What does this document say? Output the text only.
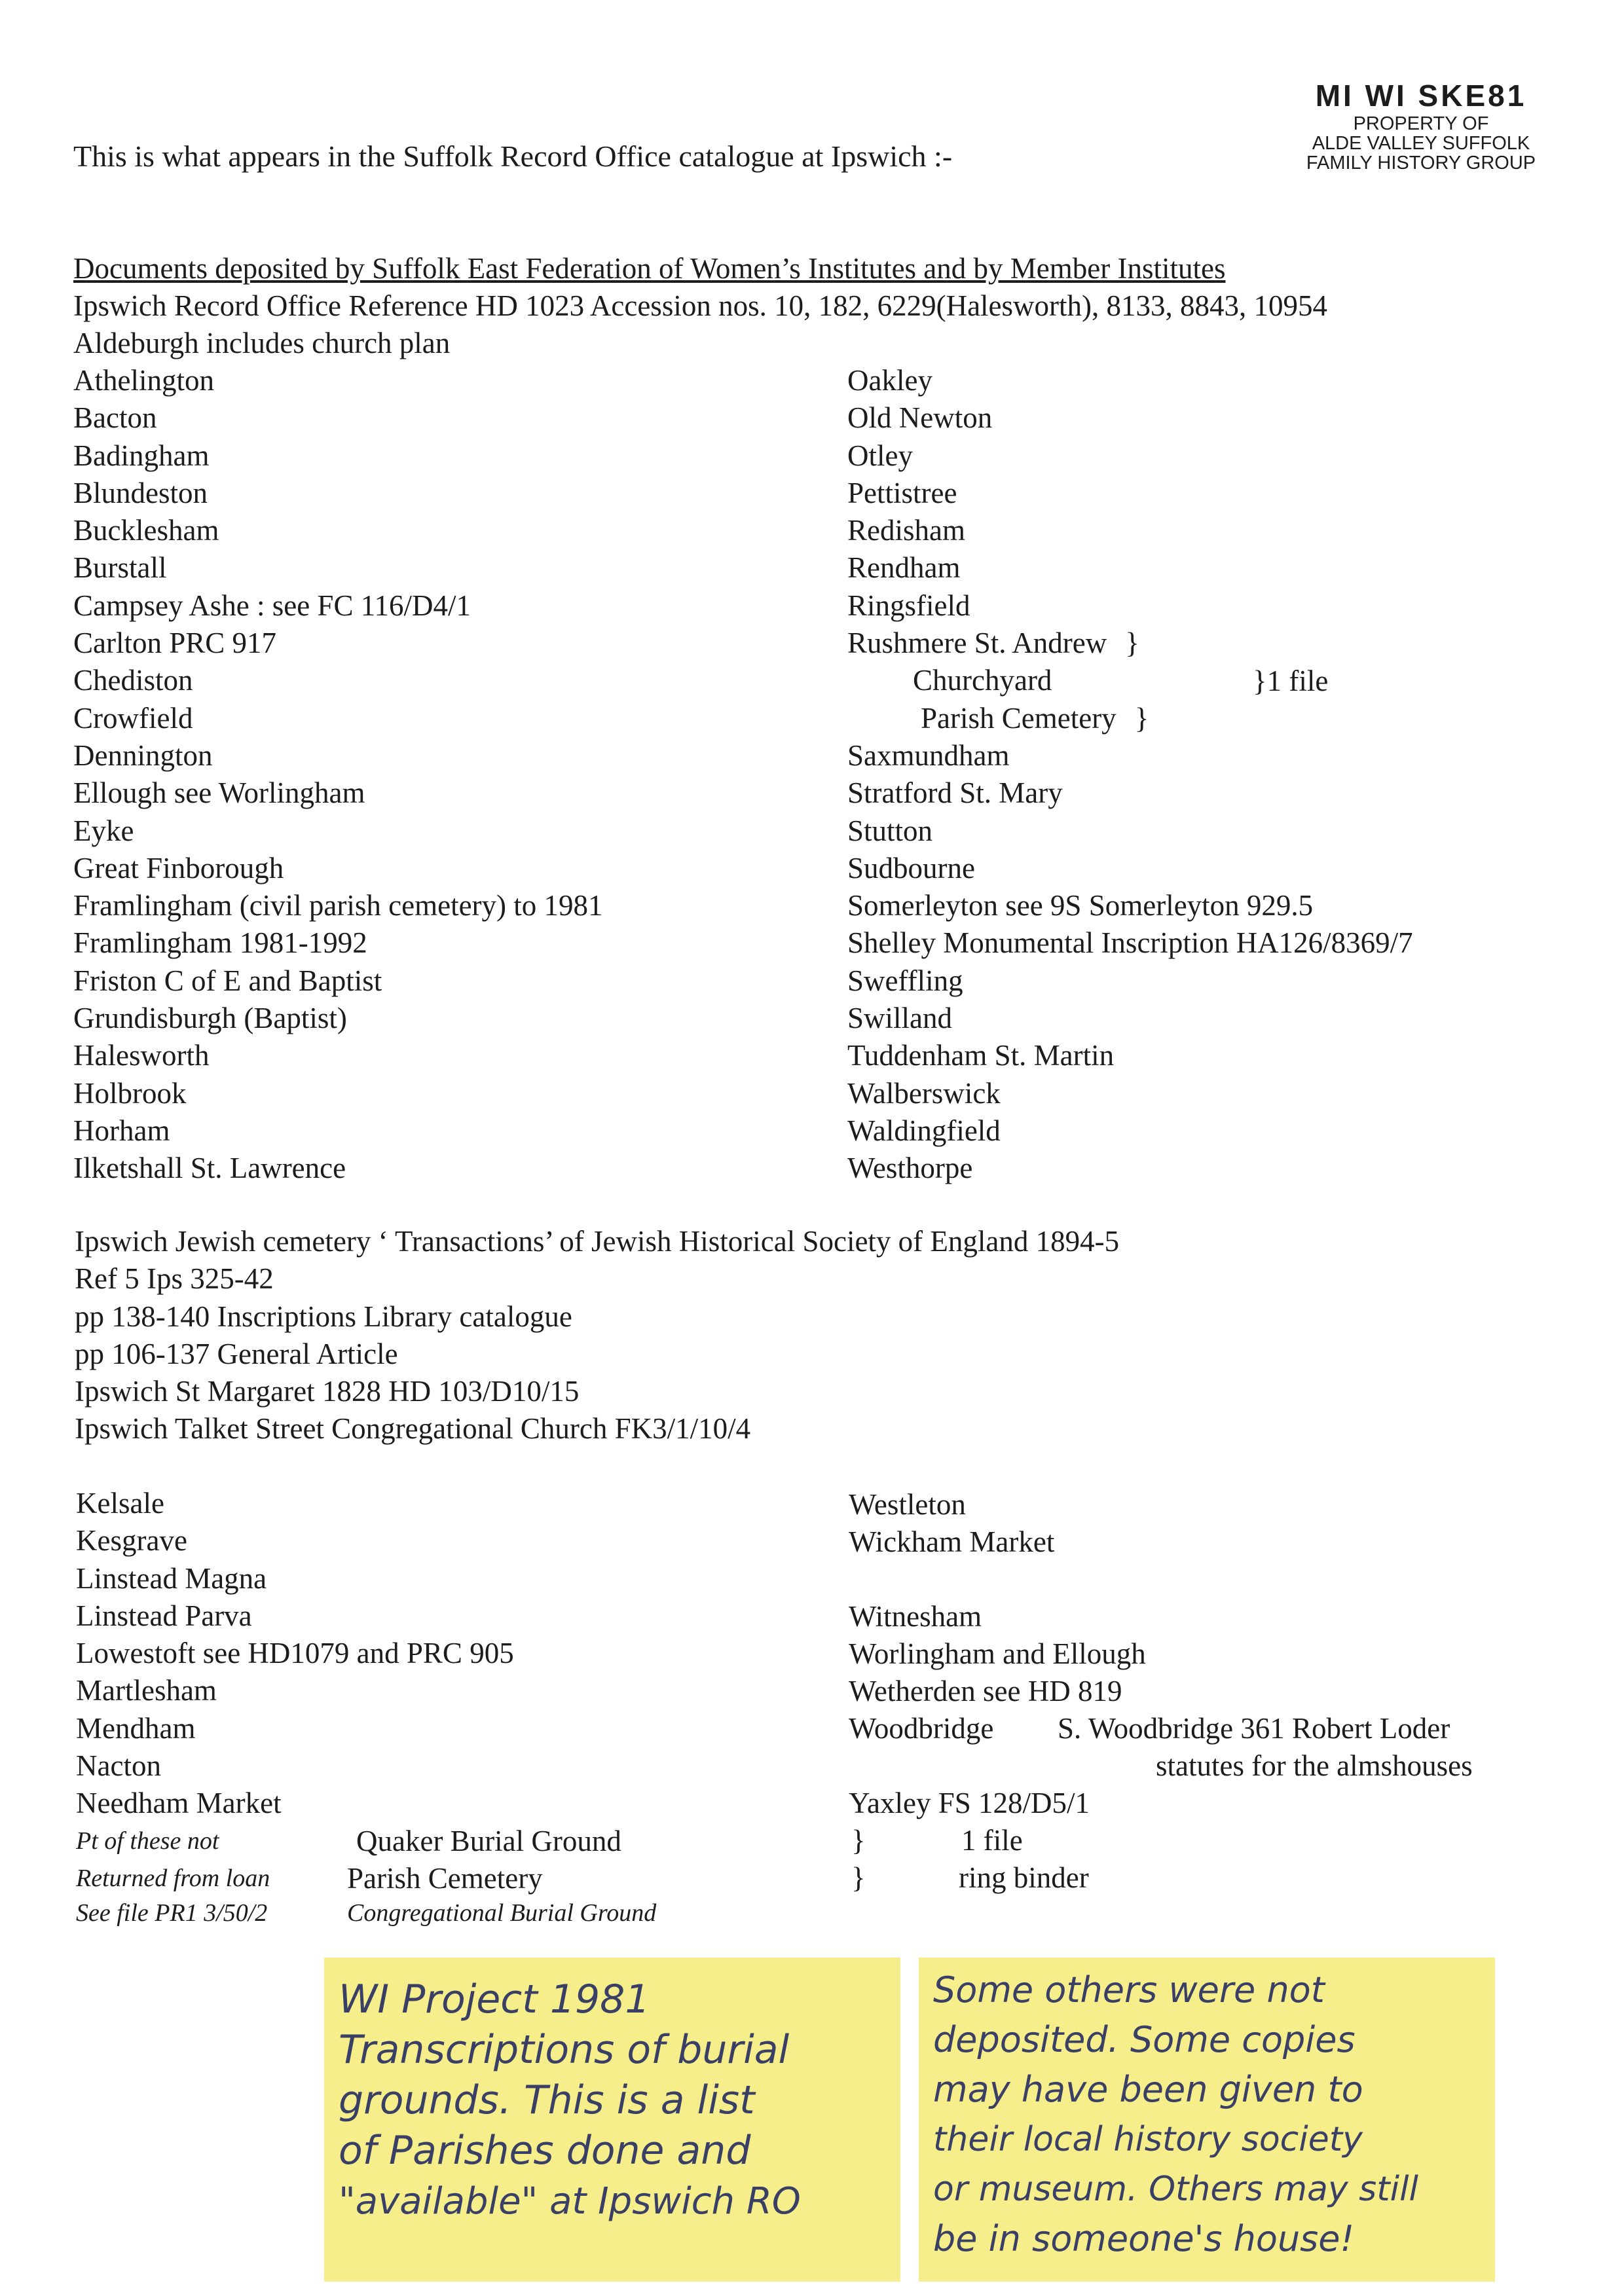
MI WI SKE81
PROPERTY OF
ALDE VALLEY SUFFOLK
FAMILY HISTORY GROUP
This is what appears in the Suffolk Record Office catalogue at Ipswich :-
Documents deposited by Suffolk East Federation of Women’s Institutes and by Member Institutes
Ipswich Record Office Reference HD 1023 Accession nos. 10, 182, 6229(Halesworth), 8133, 8843, 10954
Aldeburgh includes church plan
Athelington
Bacton
Badingham
Blundeston
Bucklesham
Burstall
Campsey Ashe : see FC 116/D4/1
Carlton PRC 917
Chediston
Crowfield
Dennington
Ellough see Worlingham
Eyke
Great Finborough
Framlingham (civil parish cemetery) to 1981
Framlingham 1981-1992
Friston C of E and Baptist
Grundisburgh (Baptist)
Halesworth
Holbrook
Horham
Ilketshall St. Lawrence
Oakley
Old Newton
Otley
Pettistree
Redisham
Rendham
Ringsfield
Rushmere St. Andrew }
Churchyard
Parish Cemetery }
Saxmundham
Stratford St. Mary
Stutton
Sudbourne
Somerleyton see 9S Somerleyton 929.5
Shelley Monumental Inscription HA126/8369/7
Sweffling
Swilland
Tuddenham St. Martin
Walberswick
Waldingfield
Westhorpe
}1 file
Ipswich Jewish cemetery ‘ Transactions’ of Jewish Historical Society of England 1894-5
Ref 5 Ips 325-42
pp 138-140 Inscriptions Library catalogue
pp 106-137 General Article
Ipswich St Margaret 1828 HD 103/D10/15
Ipswich Talket Street Congregational Church FK3/1/10/4
Kelsale
Kesgrave
Linstead Magna
Linstead Parva
Lowestoft see HD1079 and PRC 905
Martlesham
Mendham
Nacton
Needham Market
Pt of these not
Returned from loan
See file PR1 3/50/2
Quaker Burial Ground
Parish Cemetery
Congregational Burial Ground
Westleton
Wickham Market
Witnesham
Worlingham and Ellough
Wetherden see HD 819
Woodbridge S. Woodbridge 361 Robert Loder
statutes for the almshouses
Yaxley FS 128/D5/1
}	1 file
}	ring binder
WI Project 1981
Transcriptions of burial
grounds. This is a list
of Parishes done and
"available" at Ipswich RO
Some others were not
deposited. Some copies
may have been given to
their local history society
or museum. Others may still
be in someone's house!
